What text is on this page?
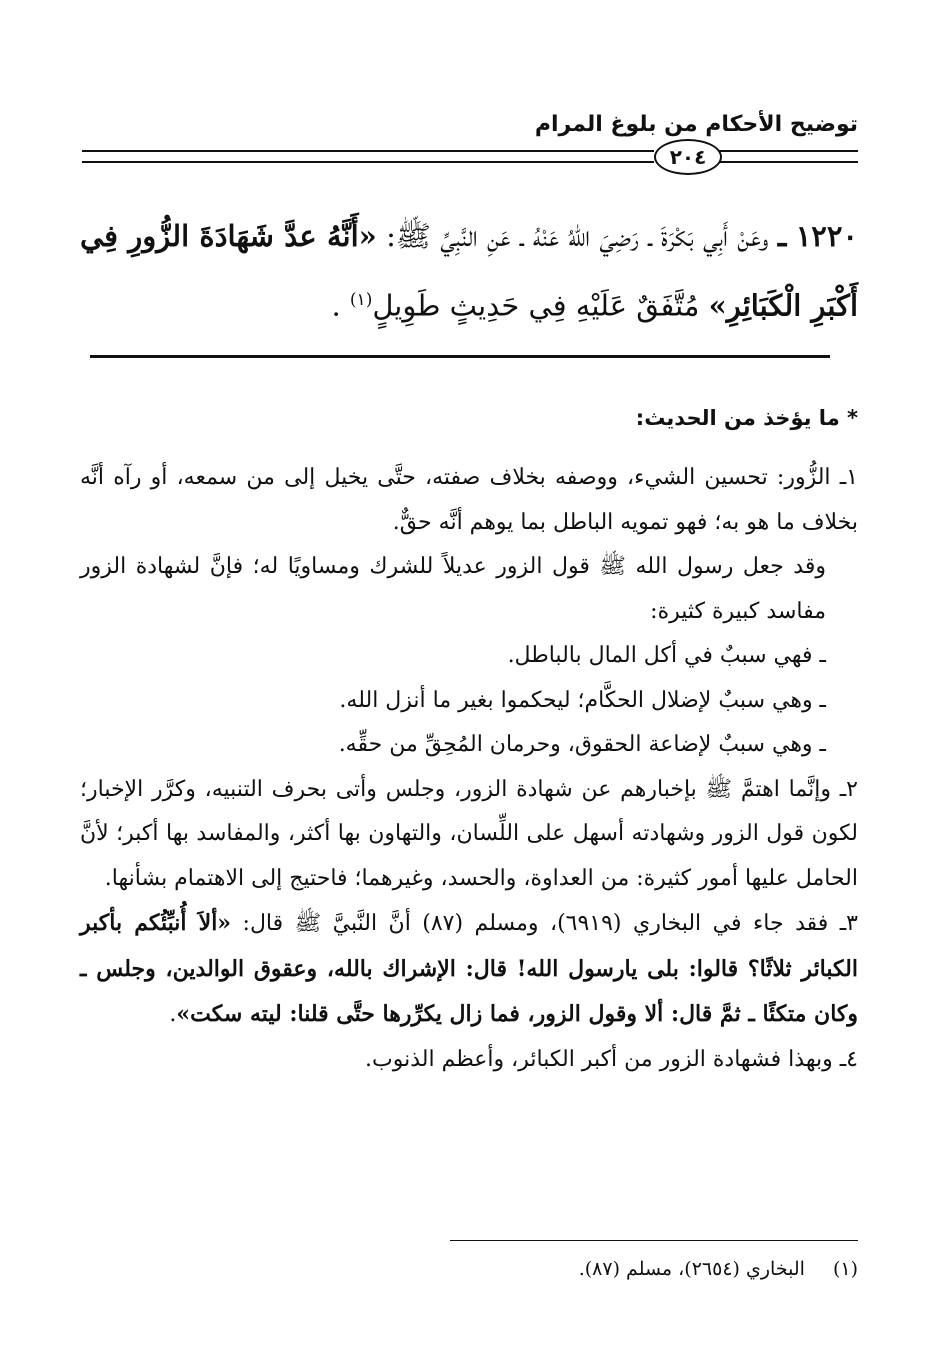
توضيح الأحكام من بلوغ المرام
٢٠٤
١٢٢٠ ـ وعَنْ أَبِي بَكْرَةَ ـ رَضِيَ اللهُ عَنْهُ ـ عَنِ النَّبِيِّ ﷺ: «أَنَّهُ عدَّ شَهَادَةَ الزُّورِ فِي أَكْبَرِ الْكَبَائِرِ» مُتَّفَقٌ عَلَيْهِ فِي حَدِيثٍ طَوِيلٍ$^{(١)}$ .
* ما يؤخذ من الحديث:

١ـ الزُّور: تحسين الشيء، ووصفه بخلاف صفته، حتَّى يخيل إلى من سمعه، أو رآه أنَّه بخلاف ما هو به؛ فهو تمويه الباطل بما يوهم أنَّه حقٌّ.

وقد جعل رسول الله ﷺ قول الزور عديلاً للشرك ومساويًا له؛ فإنَّ لشهادة الزور مفاسد كبيرة كثيرة:

ـ فهي سببٌ في أكل المال بالباطل.

ـ وهي سببٌ لإضلال الحكَّام؛ ليحكموا بغير ما أنزل الله.

ـ وهي سببٌ لإضاعة الحقوق، وحرمان المُحِقِّ من حقِّه.

٢ـ وإنَّما اهتمَّ ﷺ بإخبارهم عن شهادة الزور، وجلس وأتى بحرف التنبيه، وكرَّر الإخبار؛ لكون قول الزور وشهادته أسهل على اللِّسان، والتهاون بها أكثر، والمفاسد بها أكبر؛ لأنَّ الحامل عليها أمور كثيرة: من العداوة، والحسد، وغيرهما؛ فاحتيج إلى الاهتمام بشأنها.

٣ـ فقد جاء في البخاري (٦٩١٩)، ومسلم (٨٧) أنَّ النَّبيَّ ﷺ قال: «ألاَ أُنبِّئُكم بأكبر الكبائر ثلاثًا؟ قالوا: بلى يارسول الله! قال: الإشراك بالله، وعقوق الوالدين، وجلس ـ وكان متكئًا ـ ثمَّ قال: ألا وقول الزور، فما زال يكرِّرها حتَّى قلنا: ليته سكت».

٤ـ وبهذا فشهادة الزور من أكبر الكبائر، وأعظم الذنوب.

(١) البخاري (٢٦٥٤)، مسلم (٨٧).
